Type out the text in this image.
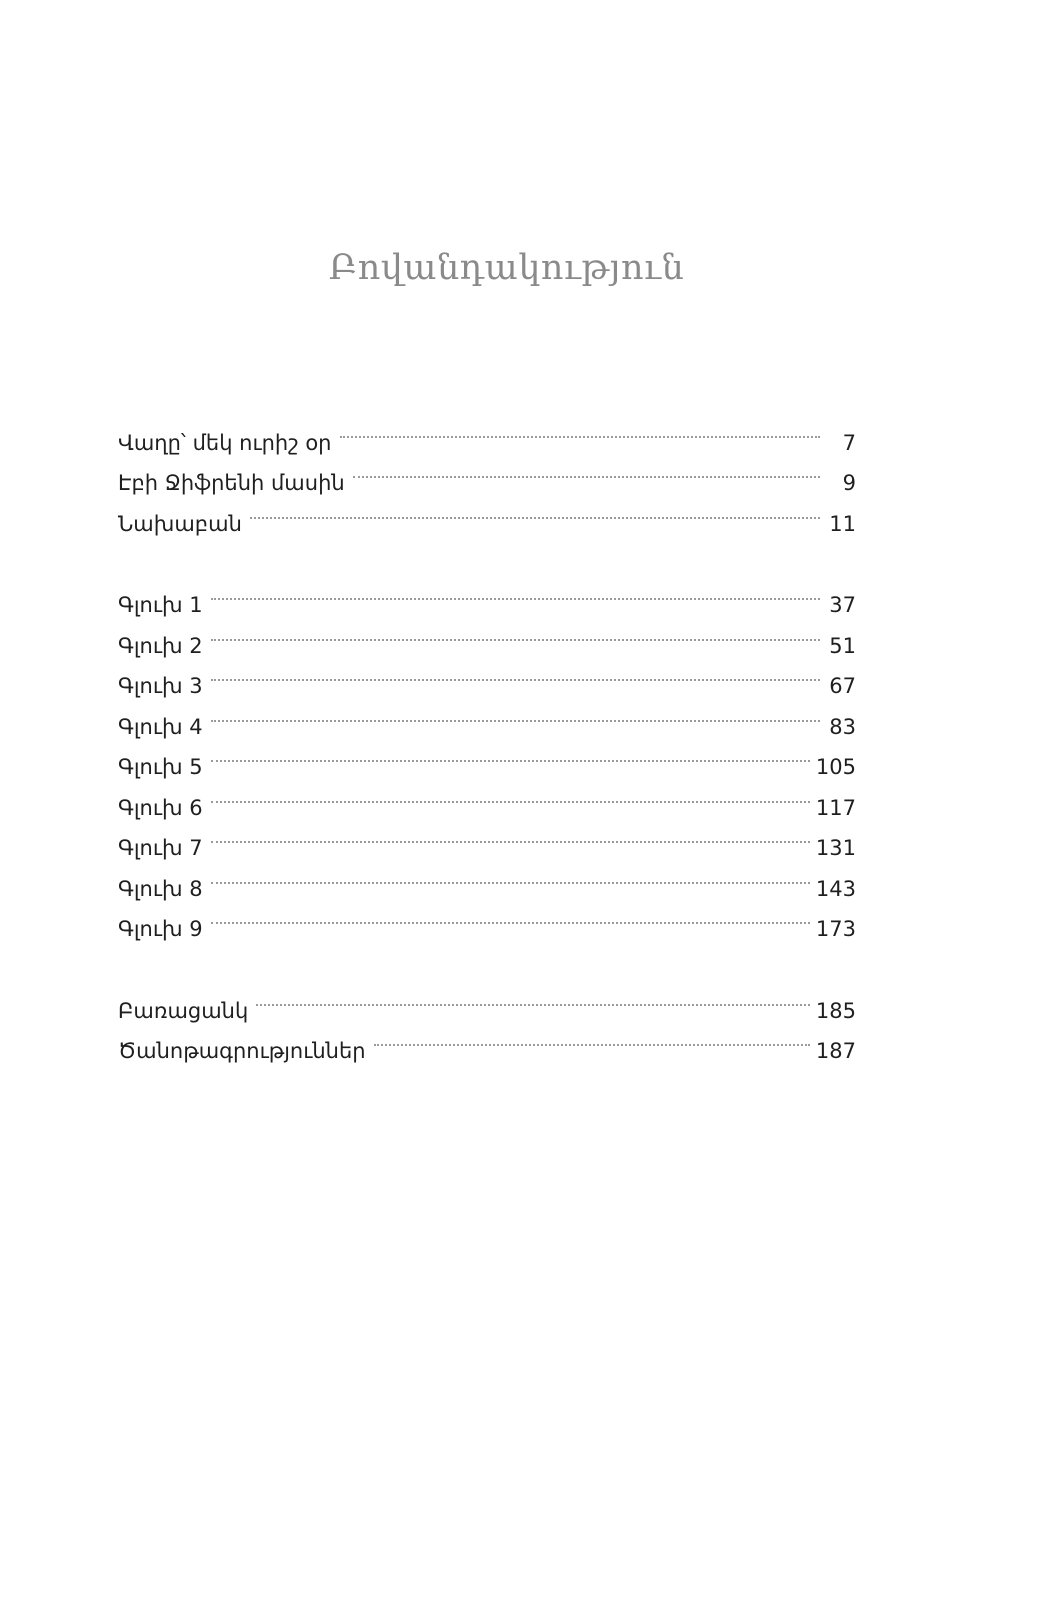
Բովանդակություն
Վաղը՝ մեկ ուրիշ օր	7
Էբի Ջիֆրենի մասին	9
Նախաբան	11
Գլուխ 1	37
Գլուխ 2	51
Գլուխ 3	67
Գլուխ 4	83
Գլուխ 5	105
Գլուխ 6	117
Գլուխ 7	131
Գլուխ 8	143
Գլուխ 9	173
Բառացանկ	185
Ծանոթագրություններ	187
